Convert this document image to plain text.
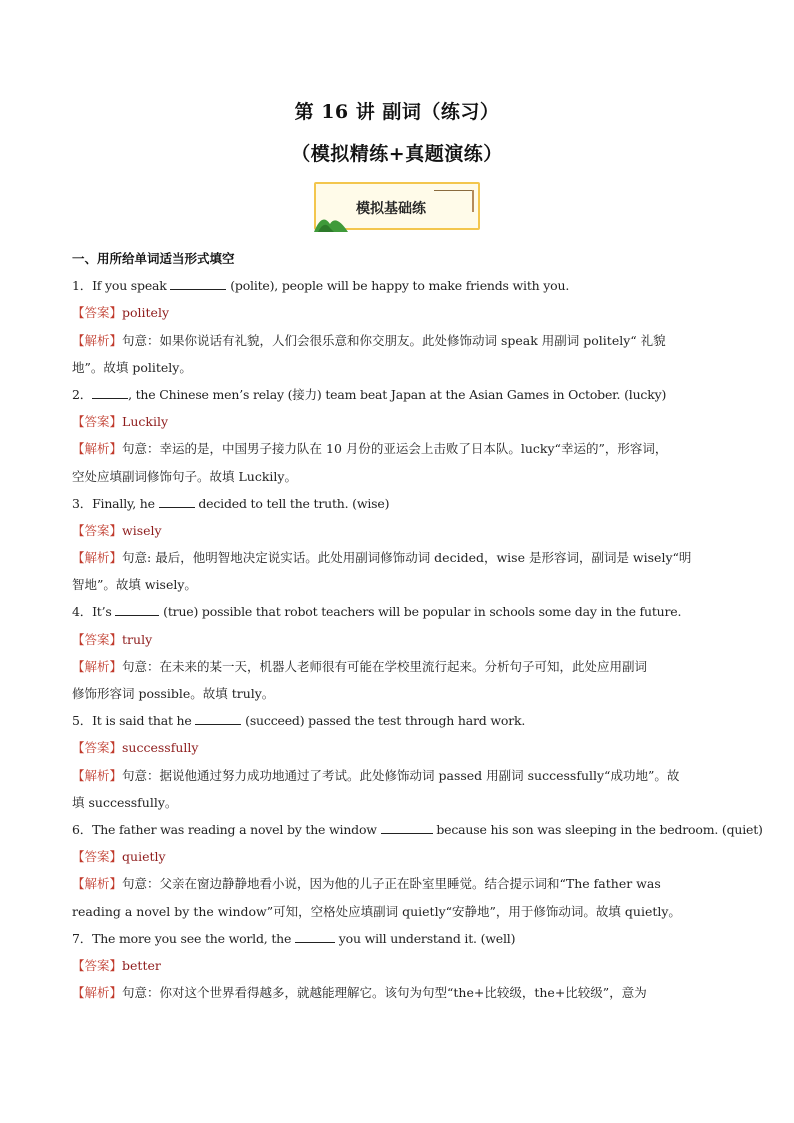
第 16 讲 副词（练习）
（模拟精练+真题演练）
模拟基础练
一、用所给单词适当形式填空
1．If you speak	(polite), people will be happy to make friends with you.
【答案】politely
【解析】句意：如果你说话有礼貌，人们会很乐意和你交朋友。此处修饰动词 speak 用副词 politely“ 礼貌
地”。故填 politely。
2．	, the Chinese men’s relay (接力) team beat Japan at the Asian Games in October. (lucky)
【答案】Luckily
【解析】句意：幸运的是，中国男子接力队在 10 月份的亚运会上击败了日本队。lucky“幸运的”，形容词，
空处应填副词修饰句子。故填 Luckily。
3．Finally, he	decided to tell the truth. (wise)
【答案】wisely
【解析】句意: 最后，他明智地决定说实话。此处用副词修饰动词 decided，wise 是形容词，副词是 wisely“明
智地”。故填 wisely。
4．It’s	(true) possible that robot teachers will be popular in schools some day in the future.
【答案】truly
【解析】句意：在未来的某一天，机器人老师很有可能在学校里流行起来。分析句子可知，此处应用副词
修饰形容词 possible。故填 truly。
5．It is said that he	(succeed) passed the test through hard work.
【答案】successfully
【解析】句意：据说他通过努力成功地通过了考试。此处修饰动词 passed 用副词 successfully“成功地”。故
填 successfully。
6．The father was reading a novel by the window	because his son was sleeping in the bedroom. (quiet)
【答案】quietly
【解析】句意：父亲在窗边静静地看小说，因为他的儿子正在卧室里睡觉。结合提示词和“The father was
reading a novel by the window”可知，空格处应填副词 quietly“安静地”，用于修饰动词。故填 quietly。
7．The more you see the world, the	you will understand it. (well)
【答案】better
【解析】句意：你对这个世界看得越多，就越能理解它。该句为句型“the+比较级，the+比较级”，意为
